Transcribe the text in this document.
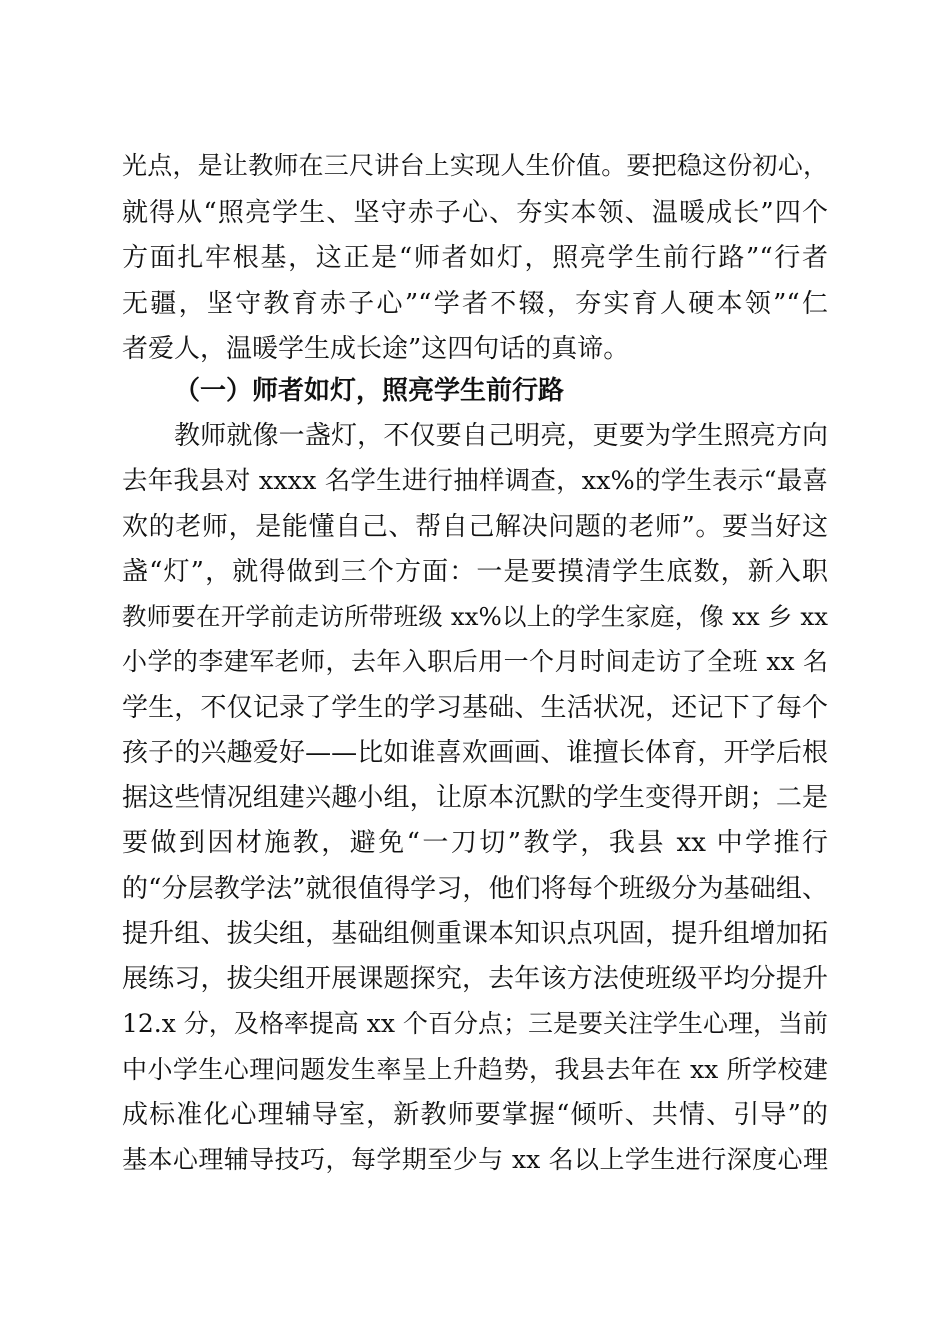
光点，是让教师在三尺讲台上实现人生价值。要把稳这份初心，
就得从“照亮学生、坚守赤子心、夯实本领、温暖成长”四个
方面扎牢根基，这正是“师者如灯，照亮学生前行路”“行者
无疆，坚守教育赤子心”“学者不辍，夯实育人硬本领”“仁
者爱人，温暖学生成长途”这四句话的真谛。
（一）师者如灯，照亮学生前行路
教师就像一盏灯，不仅要自己明亮，更要为学生照亮方向
去年我县对 xxxx 名学生进行抽样调查，xx%的学生表示“最喜
欢的老师，是能懂自己、帮自己解决问题的老师”。要当好这
盏“灯”，就得做到三个方面：一是要摸清学生底数，新入职
教师要在开学前走访所带班级 xx%以上的学生家庭，像 xx 乡 xx
小学的李建军老师，去年入职后用一个月时间走访了全班 xx 名
学生，不仅记录了学生的学习基础、生活状况，还记下了每个
孩子的兴趣爱好——比如谁喜欢画画、谁擅长体育，开学后根
据这些情况组建兴趣小组，让原本沉默的学生变得开朗；二是
要做到因材施教，避免“一刀切”教学，我县 xx 中学推行
的“分层教学法”就很值得学习，他们将每个班级分为基础组、
提升组、拔尖组，基础组侧重课本知识点巩固，提升组增加拓
展练习，拔尖组开展课题探究，去年该方法使班级平均分提升
12.x 分，及格率提高 xx 个百分点；三是要关注学生心理，当前
中小学生心理问题发生率呈上升趋势，我县去年在 xx 所学校建
成标准化心理辅导室，新教师要掌握“倾听、共情、引导”的
基本心理辅导技巧，每学期至少与 xx 名以上学生进行深度心理
